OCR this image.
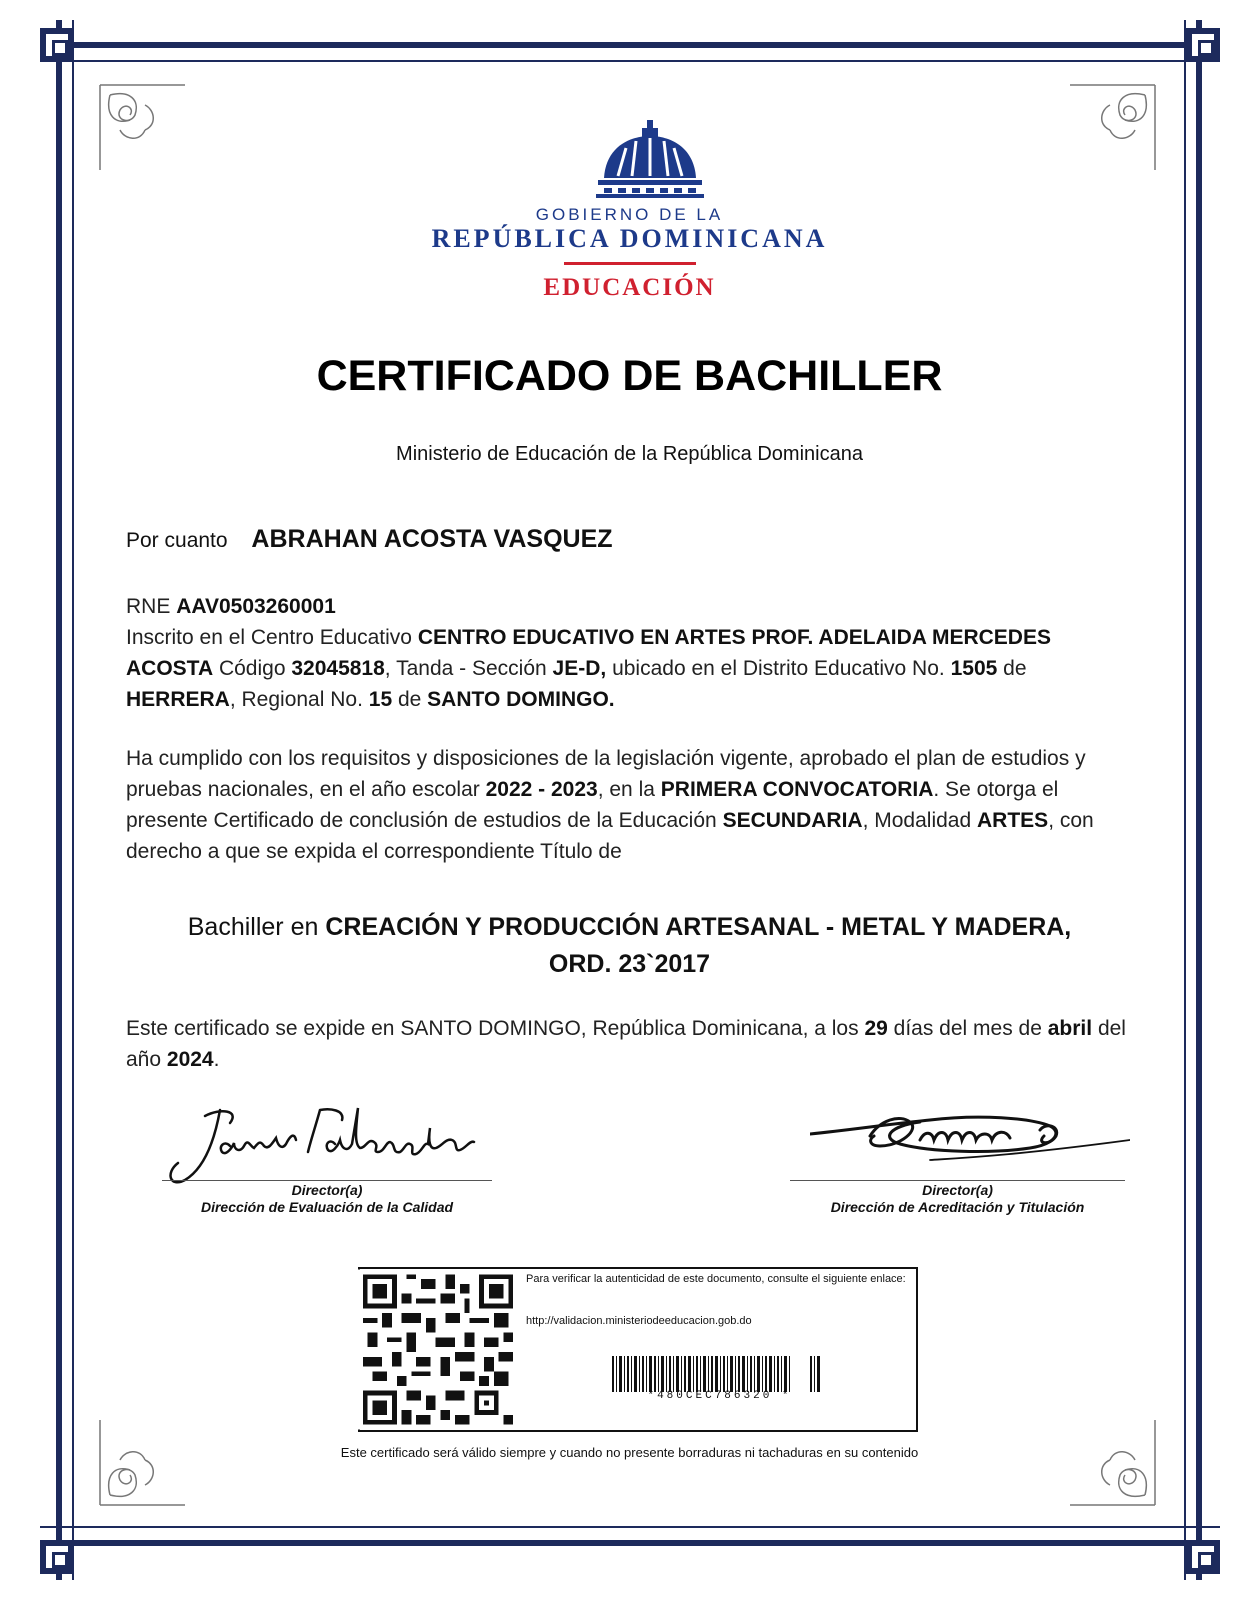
GOBIERNO DE LA
REPÚBLICA DOMINICANA
EDUCACIÓN
CERTIFICADO DE BACHILLER
Ministerio de Educación de la República Dominicana
Por cuanto ABRAHAN ACOSTA VASQUEZ
RNE AAV0503260001
Inscrito en el Centro Educativo CENTRO EDUCATIVO EN ARTES PROF. ADELAIDA MERCEDES ACOSTA Código 32045818, Tanda - Sección JE-D, ubicado en el Distrito Educativo No. 1505 de HERRERA, Regional No. 15 de SANTO DOMINGO.
Ha cumplido con los requisitos y disposiciones de la legislación vigente, aprobado el plan de estudios y pruebas nacionales, en el año escolar 2022 - 2023, en la PRIMERA CONVOCATORIA. Se otorga el presente Certificado de conclusión de estudios de la Educación SECUNDARIA, Modalidad ARTES, con derecho a que se expida el correspondiente Título de
Bachiller en CREACIÓN Y PRODUCCIÓN ARTESANAL - METAL Y MADERA,
ORD. 23`2017
Este certificado se expide en SANTO DOMINGO, República Dominicana, a los 29 días del mes de abril del año 2024.
Director(a)
Dirección de Evaluación de la Calidad
Director(a)
Dirección de Acreditación y Titulación
Para verificar la autenticidad de este documento, consulte el siguiente enlace:
http://validacion.ministeriodeeducacion.gob.do
*480CEC786320 *
Este certificado será válido siempre y cuando no presente borraduras ni tachaduras en su contenido
